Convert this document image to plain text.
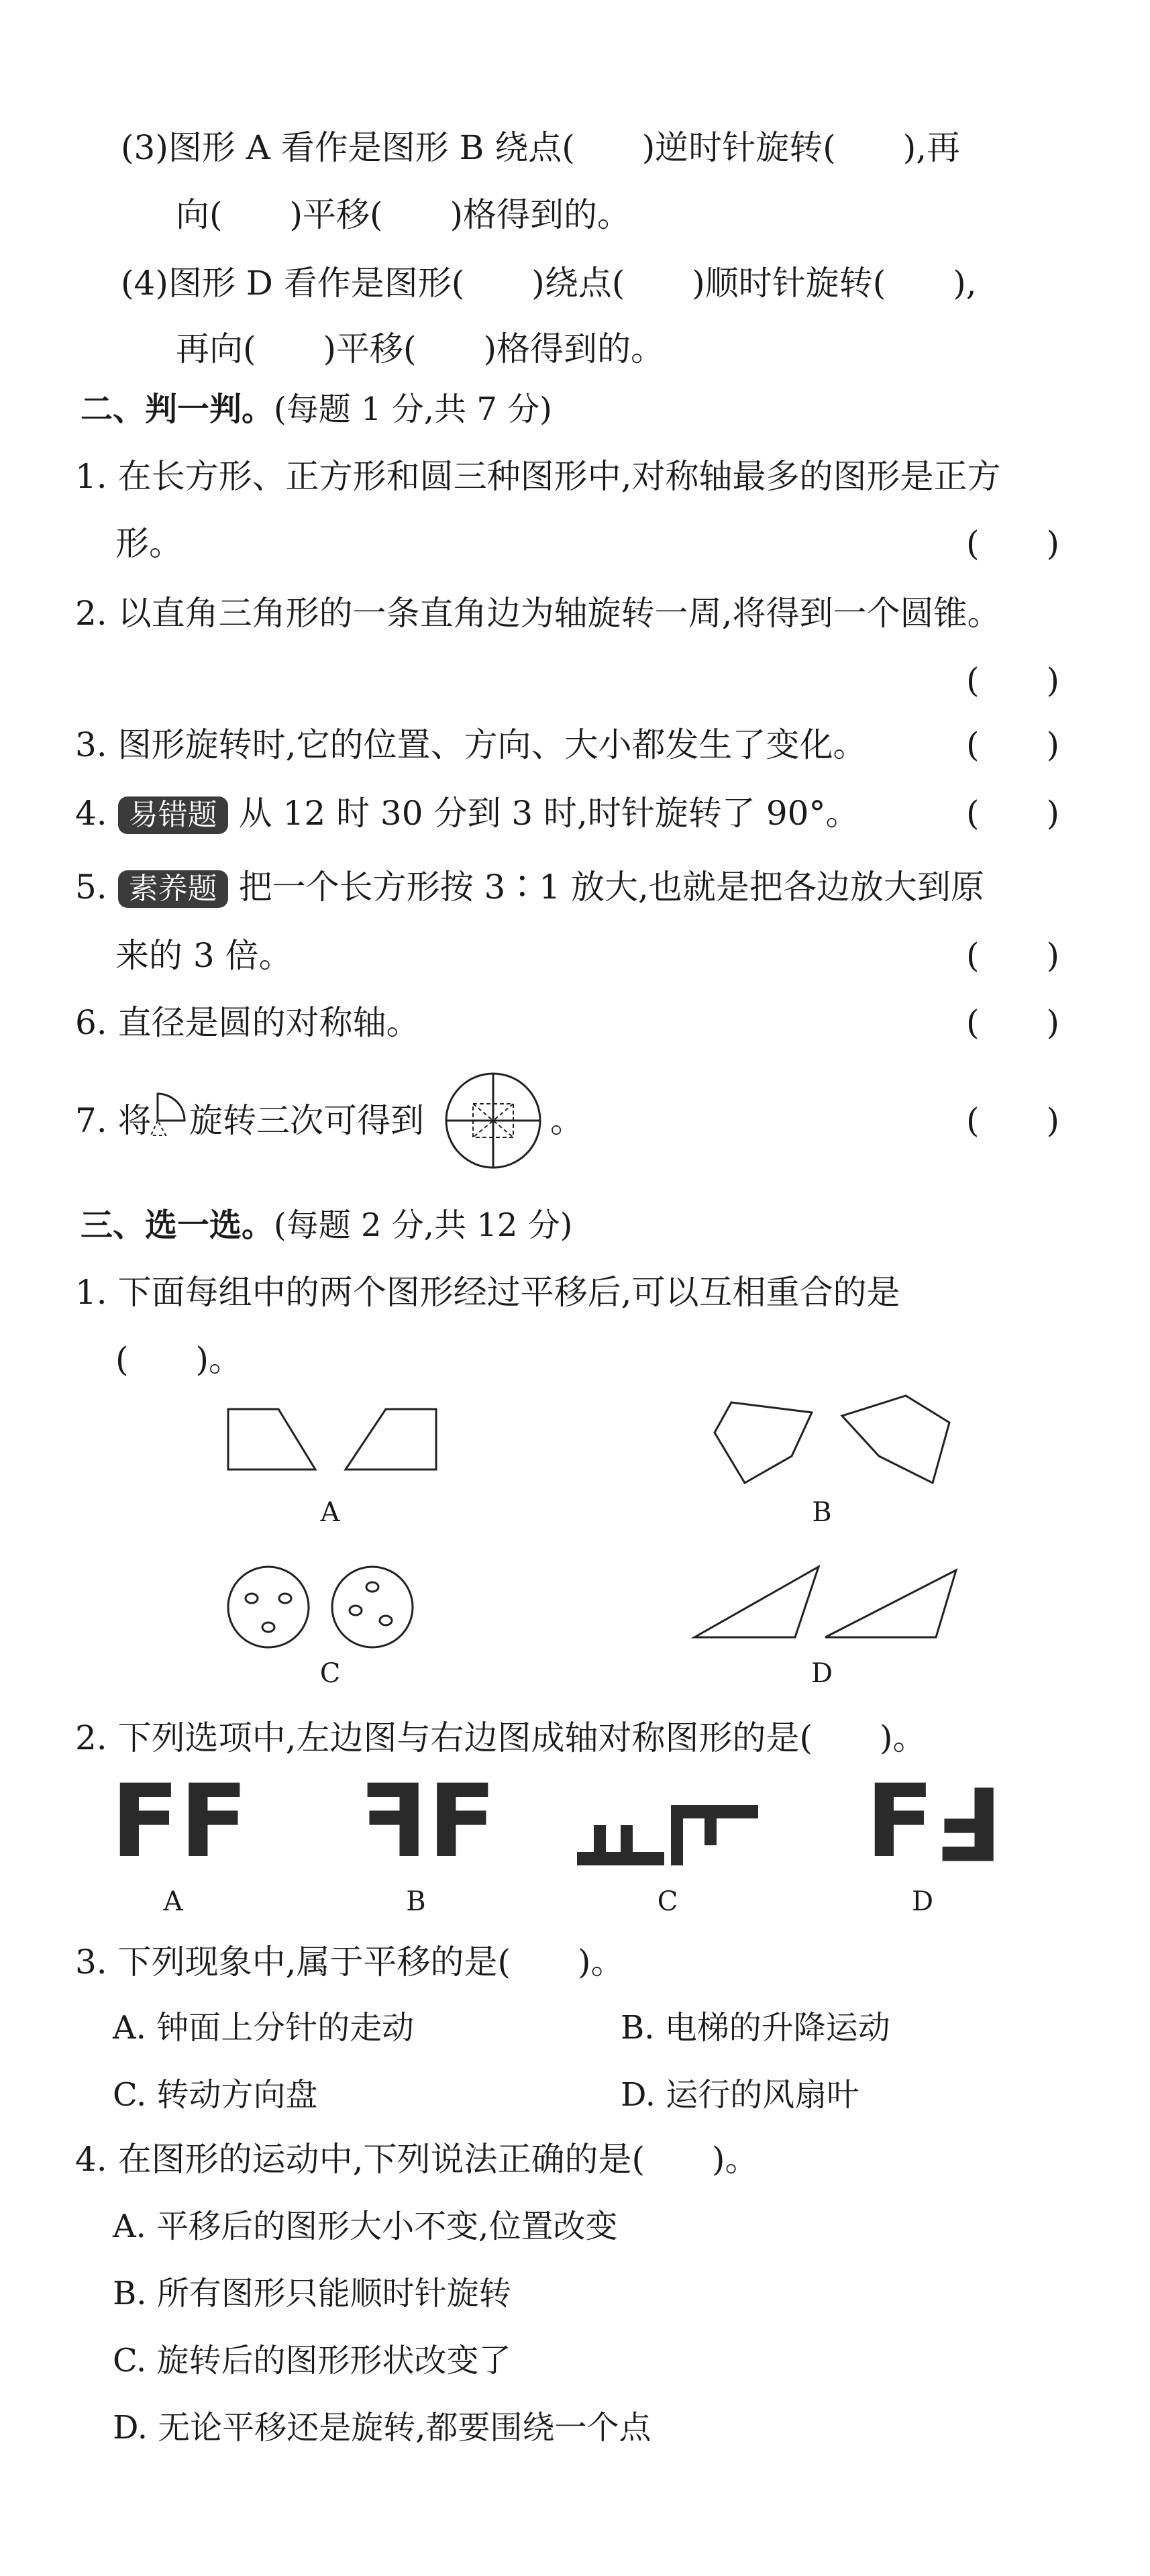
(3)图形 A 看作是图形 B 绕点(　　)逆时针旋转(　　),再
向(　　)平移(　　)格得到的。
(4)图形 D 看作是图形(　　)绕点(　　)顺时针旋转(　　),
再向(　　)平移(　　)格得到的。
二、判一判。(每题 1 分,共 7 分)
1. 在长方形、正方形和圆三种图形中,对称轴最多的图形是正方
形。	(　　)
2. 以直角三角形的一条直角边为轴旋转一周,将得到一个圆锥。
(　　)
3. 图形旋转时,它的位置、方向、大小都发生了变化。	(　　)
4. 易错题 从 12 时 30 分到 3 时,时针旋转了 90°。	(　　)
5. 素养题 把一个长方形按 3∶1 放大,也就是把各边放大到原
来的 3 倍。	(　　)
6. 直径是圆的对称轴。	(　　)
7. 将 旋转三次可得到	。	(　　)
三、选一选。(每题 2 分,共 12 分)
1. 下面每组中的两个图形经过平移后,可以互相重合的是
(　　)。
A	B
C	D
2. 下列选项中,左边图与右边图成轴对称图形的是(　　)。
FF
A
FF
B	C
FF
D
3. 下列现象中,属于平移的是(　　)。
A. 钟面上分针的走动	B. 电梯的升降运动
C. 转动方向盘	D. 运行的风扇叶
4. 在图形的运动中,下列说法正确的是(　　)。
A. 平移后的图形大小不变,位置改变
B. 所有图形只能顺时针旋转
C. 旋转后的图形形状改变了
D. 无论平移还是旋转,都要围绕一个点
